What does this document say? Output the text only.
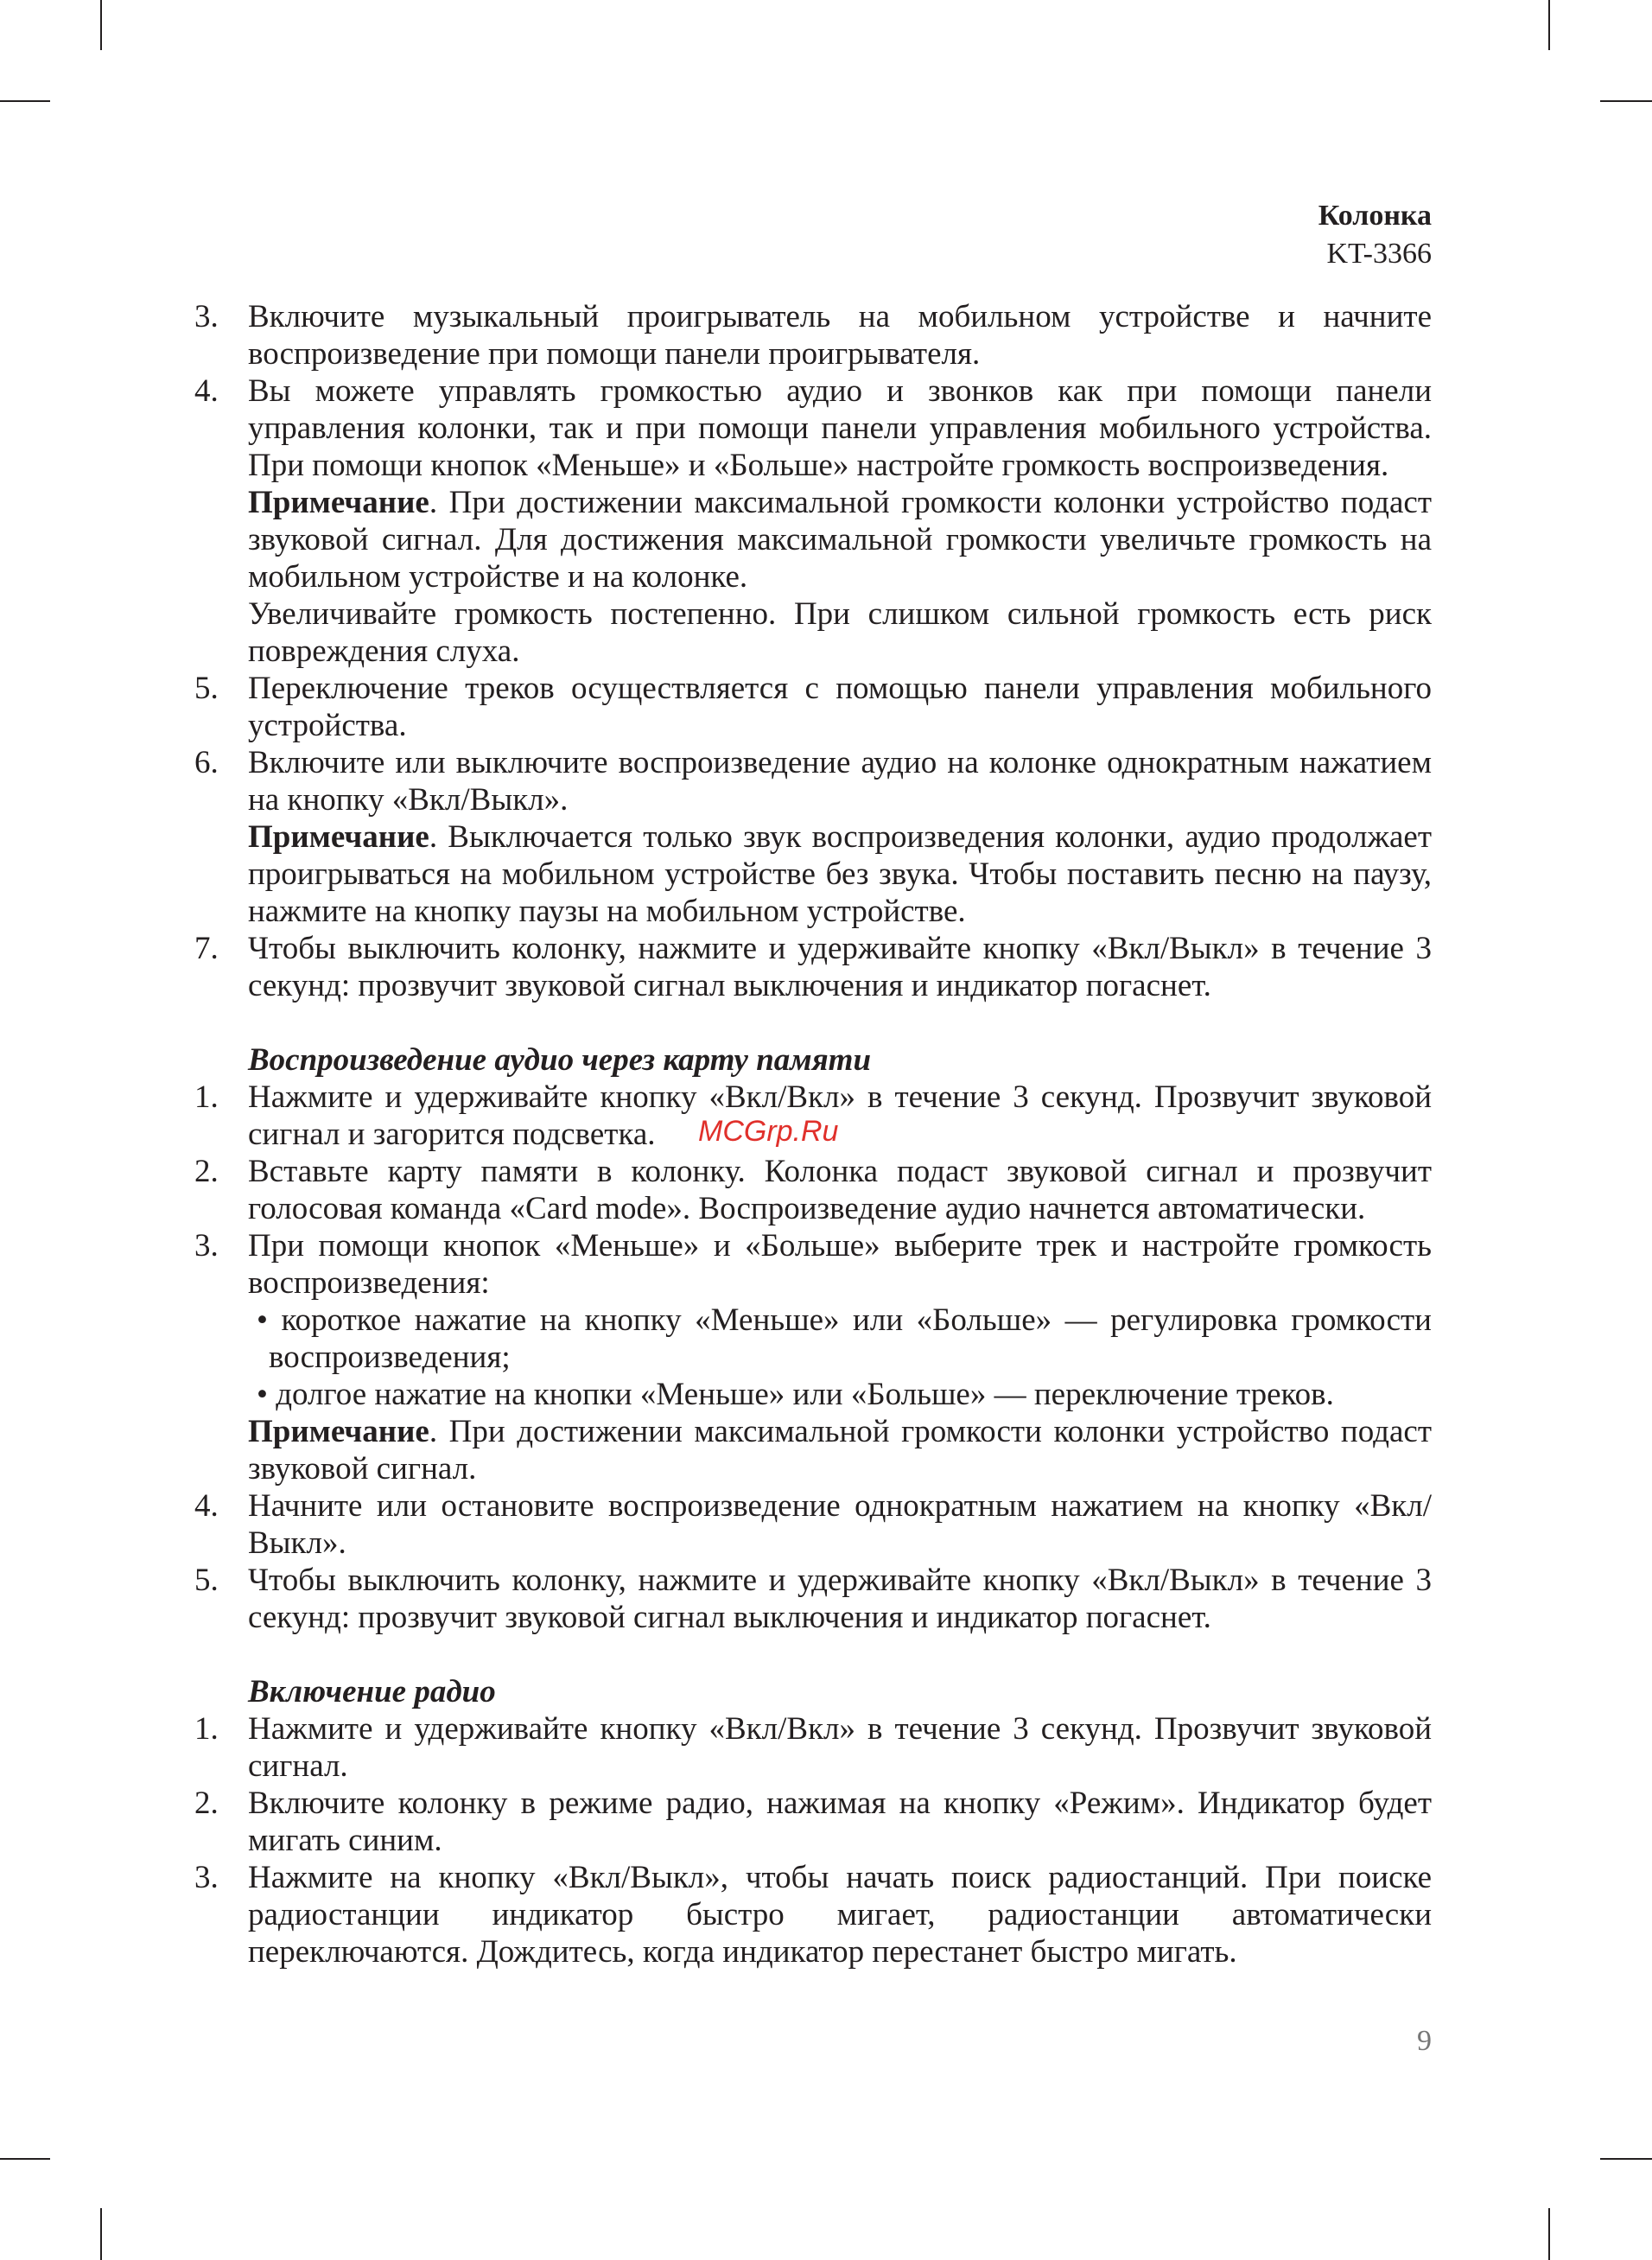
Колонка
KT-3366
3. Включите музыкальный проигрыватель на мобильном устройстве и начните воспроизведение при помощи панели проигрывателя.
4. Вы можете управлять громкостью аудио и звонков как при помощи панели управления колонки, так и при помощи панели управления мобильного устройства. При помощи кнопок «Меньше» и «Больше» настройте громкость воспроизведения.
Примечание. При достижении максимальной громкости колонки устройство подаст звуковой сигнал. Для достижения максимальной громкости увеличьте громкость на мобильном устройстве и на колонке.
Увеличивайте громкость постепенно. При слишком сильной громкость есть риск повреждения слуха.
5. Переключение треков осуществляется с помощью панели управления мобильного устройства.
6. Включите или выключите воспроизведение аудио на колонке однократным нажатием на кнопку «Вкл/Выкл».
Примечание. Выключается только звук воспроизведения колонки, аудио продолжает проигрываться на мобильном устройстве без звука. Чтобы поставить песню на паузу, нажмите на кнопку паузы на мобильном устройстве.
7. Чтобы выключить колонку, нажмите и удерживайте кнопку «Вкл/Выкл» в течение 3 секунд: прозвучит звуковой сигнал выключения и индикатор погаснет.
Воспроизведение аудио через карту памяти
1. Нажмите и удерживайте кнопку «Вкл/Вкл» в течение 3 секунд. Прозвучит звуковой сигнал и загорится подсветка.
2. Вставьте карту памяти в колонку. Колонка подаст звуковой сигнал и прозвучит голосовая команда «Card mode». Воспроизведение аудио начнется автоматически.
3. При помощи кнопок «Меньше» и «Больше» выберите трек и настройте громкость воспроизведения:
• короткое нажатие на кнопку «Меньше» или «Больше» — регулировка громкости воспроизведения;
• долгое нажатие на кнопки «Меньше» или «Больше» — переключение треков.
Примечание. При достижении максимальной громкости колонки устройство подаст звуковой сигнал.
4. Начните или остановите воспроизведение однократным нажатием на кнопку «Вкл/Выкл».
5. Чтобы выключить колонку, нажмите и удерживайте кнопку «Вкл/Выкл» в течение 3 секунд: прозвучит звуковой сигнал выключения и индикатор погаснет.
Включение радио
1. Нажмите и удерживайте кнопку «Вкл/Вкл» в течение 3 секунд. Прозвучит звуковой сигнал.
2. Включите колонку в режиме радио, нажимая на кнопку «Режим». Индикатор будет мигать синим.
3. Нажмите на кнопку «Вкл/Выкл», чтобы начать поиск радиостанций. При поиске радиостанции индикатор быстро мигает, радиостанции автоматически переключаются. Дождитесь, когда индикатор перестанет быстро мигать.
MCGrp.Ru
9
